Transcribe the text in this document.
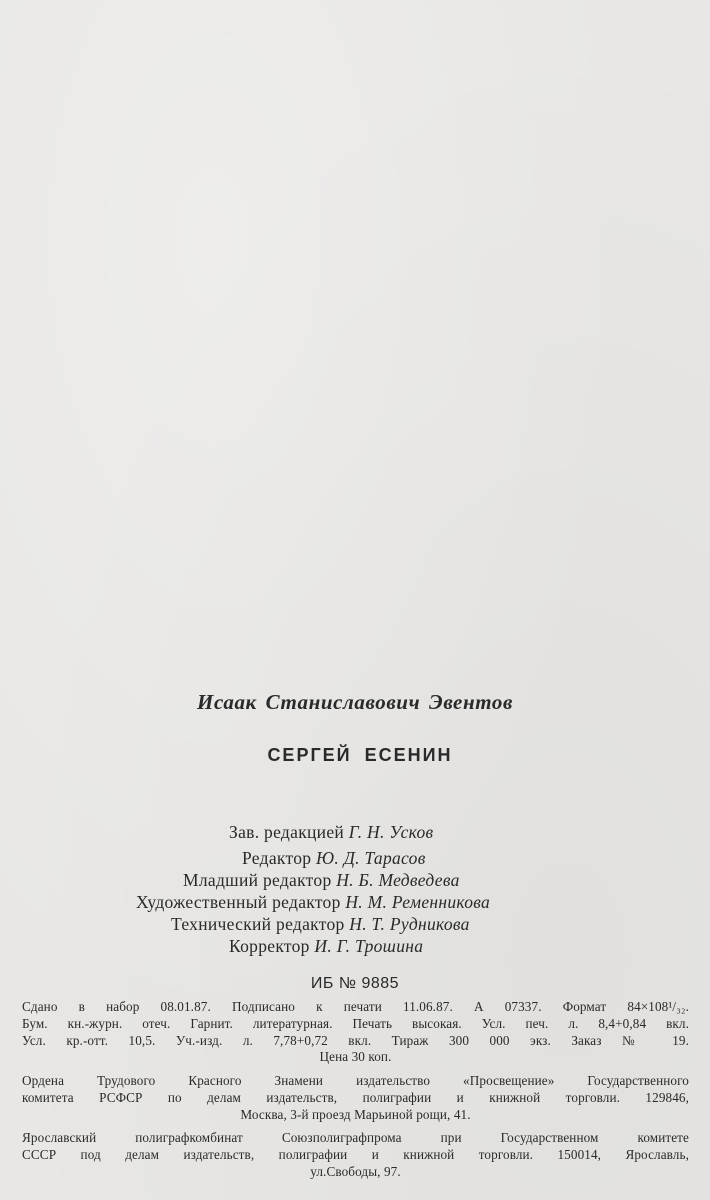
Исаак Станиславович Эвентов
СЕРГЕЙ ЕСЕНИН
Зав. редакцией Г. Н. Усков
Редактор Ю. Д. Тарасов
Младший редактор Н. Б. Медведева
Художественный редактор Н. М. Ременникова
Технический редактор Н. Т. Рудникова
Корректор И. Г. Трошина
ИБ № 9885
Сдано в набор 08.01.87. Подписано к печати 11.06.87. А 07337. Формат 84×108¹/₃₂.
Бум. кн.-журн. отеч. Гарнит. литературная. Печать высокая. Усл. печ. л. 8,4+0,84 вкл.
Усл. кр.-отт. 10,5. Уч.-изд. л. 7,78+0,72 вкл. Тираж 300 000 экз. Заказ № 19.
Цена 30 коп.
Ордена Трудового Красного Знамени издательство «Просвещение» Государственного
комитета РСФСР по делам издательств, полиграфии и книжной торговли. 129846,
Москва, 3-й проезд Марьиной рощи, 41.
Ярославский полиграфкомбинат Союзполиграфпрома при Государственном комитете
СССР под делам издательств, полиграфии и книжной торговли. 150014, Ярославль,
ул.Свободы, 97.
